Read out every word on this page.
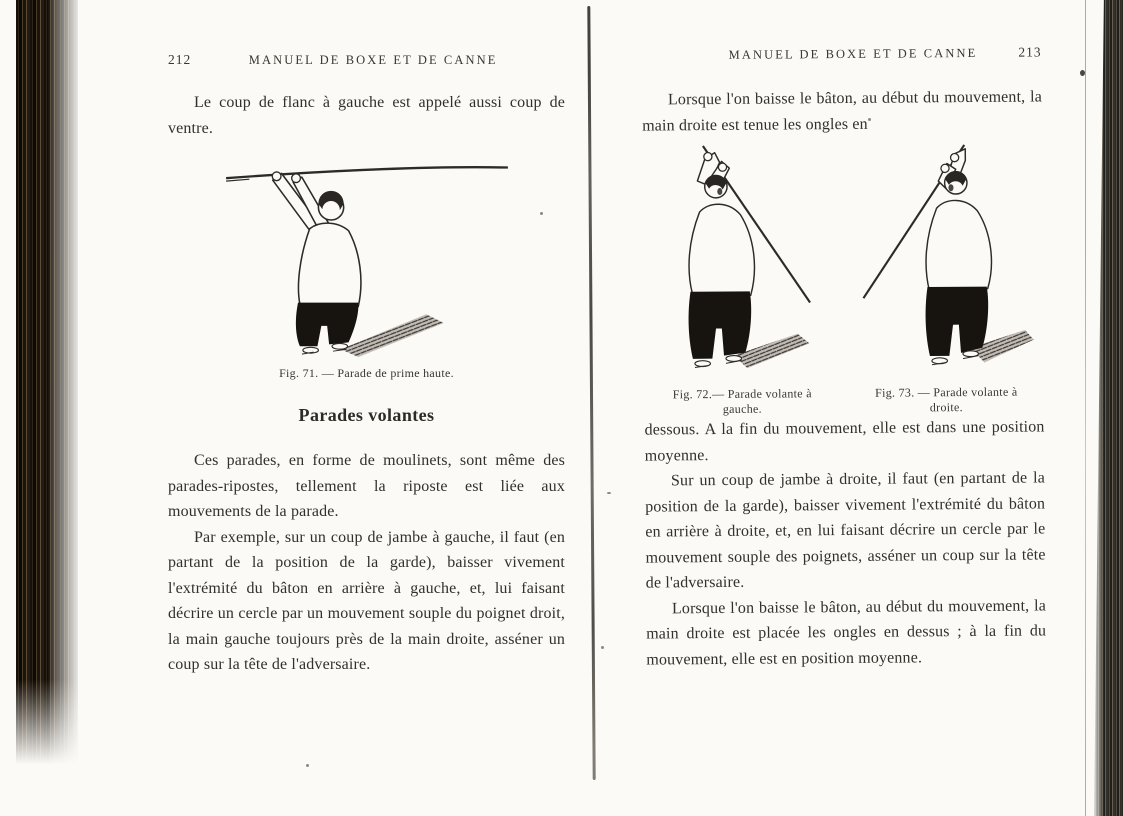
212	MANUEL DE BOXE ET DE CANNE

Le coup de flanc à gauche est appelé aussi coup de ventre.

Fig. 71. — Parade de prime haute.
Parades volantes

Ces parades, en forme de moulinets, sont même des parades-ripostes, tellement la riposte est liée aux mouvements de la parade.

Par exemple, sur un coup de jambe à gauche, il faut (en partant de la position de la garde), baisser vivement l'extrémité du bâton en arrière à gauche, et, lui faisant décrire un cercle par un mouvement souple du poignet droit, la main gauche toujours près de la main droite, asséner un coup sur la tête de l'adversaire.

MANUEL DE BOXE ET DE CANNE	213

Lorsque l'on baisse le bâton, au début du mouvement, la main droite est tenue les ongles en

Fig. 72.— Parade volante à gauche.
Fig. 73. — Parade volante à droite.

dessous. A la fin du mouvement, elle est dans une position moyenne.

Sur un coup de jambe à droite, il faut (en partant de la position de la garde), baisser vivement l'extrémité du bâton en arrière à droite, et, en lui faisant décrire un cercle par le mouvement souple des poignets, asséner un coup sur la tête de l'adversaire.

Lorsque l'on baisse le bâton, au début du mouvement, la main droite est placée les ongles en dessus ; à la fin du mouvement, elle est en position moyenne.
